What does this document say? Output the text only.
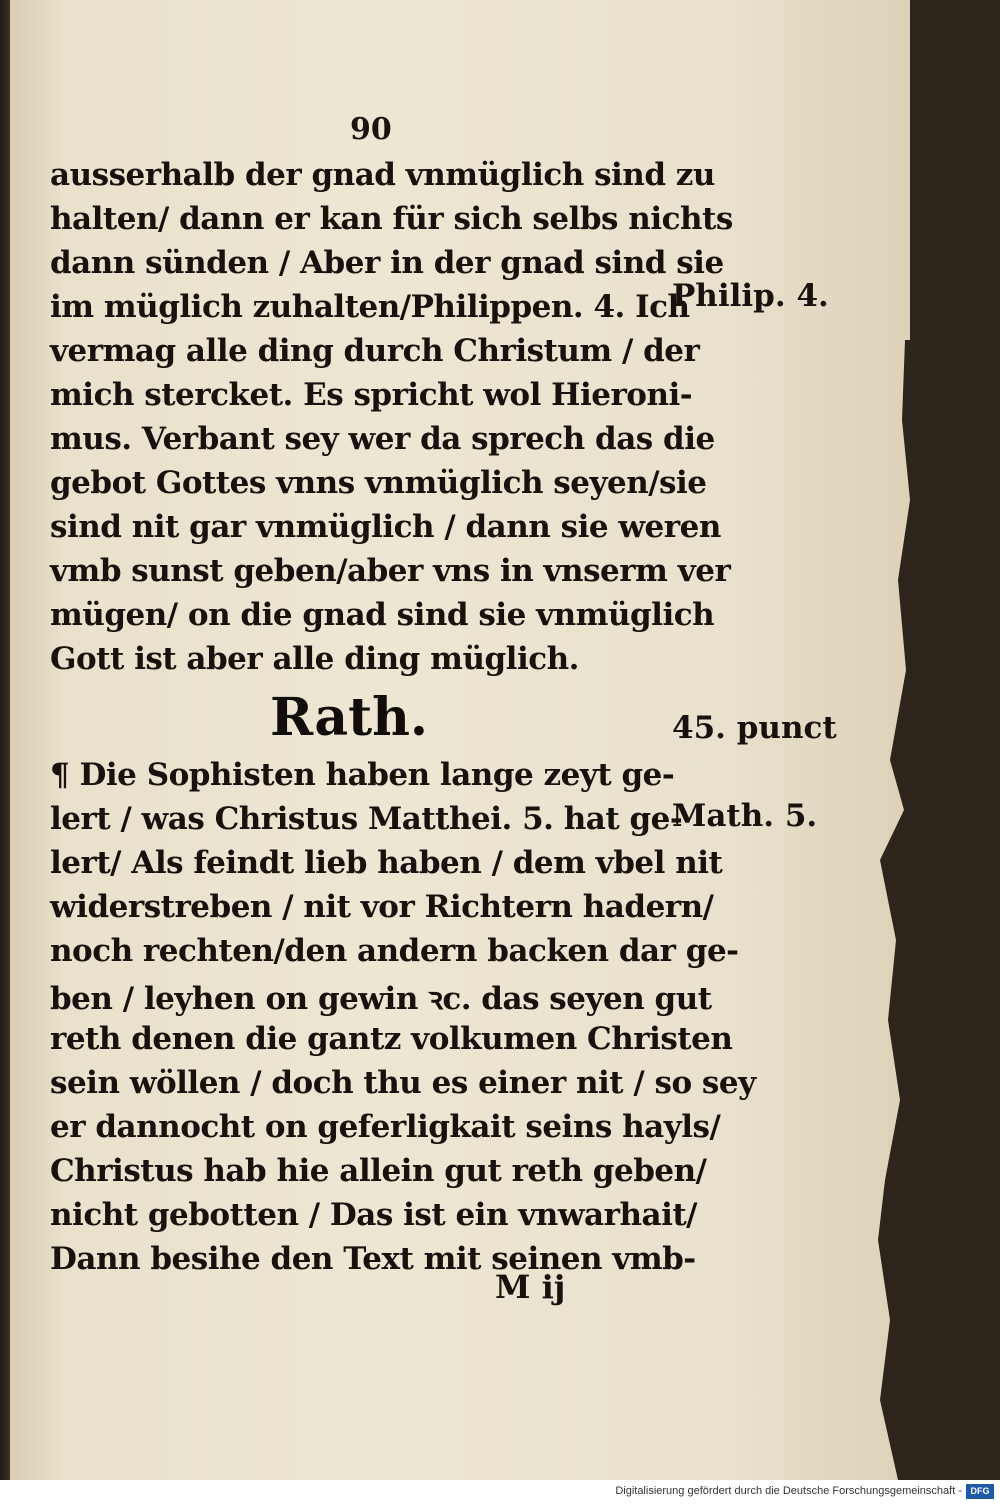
90
ausserhalb der gnad vnmüglich sind zu
halten/ dann er kan für sich selbs nichts
dann sünden / Aber in der gnad sind sie
im müglich zuhalten/Philippen. 4. Ich
vermag alle ding durch Christum / der
mich stercket. Es spricht wol Hieroni-
mus. Verbant sey wer da sprech das die
gebot Gottes vnns vnmüglich seyen/sie
sind nit gar vnmüglich / dann sie weren
vmb sunst geben/aber vns in vnserm ver
mügen/ on die gnad sind sie vnmüglich
Gott ist aber alle ding müglich.
Rath.
¶ Die Sophisten haben lange zeyt ge-
lert / was Christus Matthei. 5. hat ge-
lert/ Als feindt lieb haben / dem vbel nit
widerstreben / nit vor Richtern hadern/
noch rechten/den andern backen dar ge-
ben / leyhen on gewin ꝛc. das seyen gut
reth denen die gantz volkumen Christen
sein wöllen / doch thu es einer nit / so sey
er dannocht on geferligkait seins hayls/
Christus hab hie allein gut reth geben/
nicht gebotten / Das ist ein vnwarhait/
Dann besihe den Text mit seinen vmb-
Philip. 4.
45. punct
Math. 5.
M ij
Digitalisierung gefördert durch die Deutsche Forschungsgemeinschaft - DFG
